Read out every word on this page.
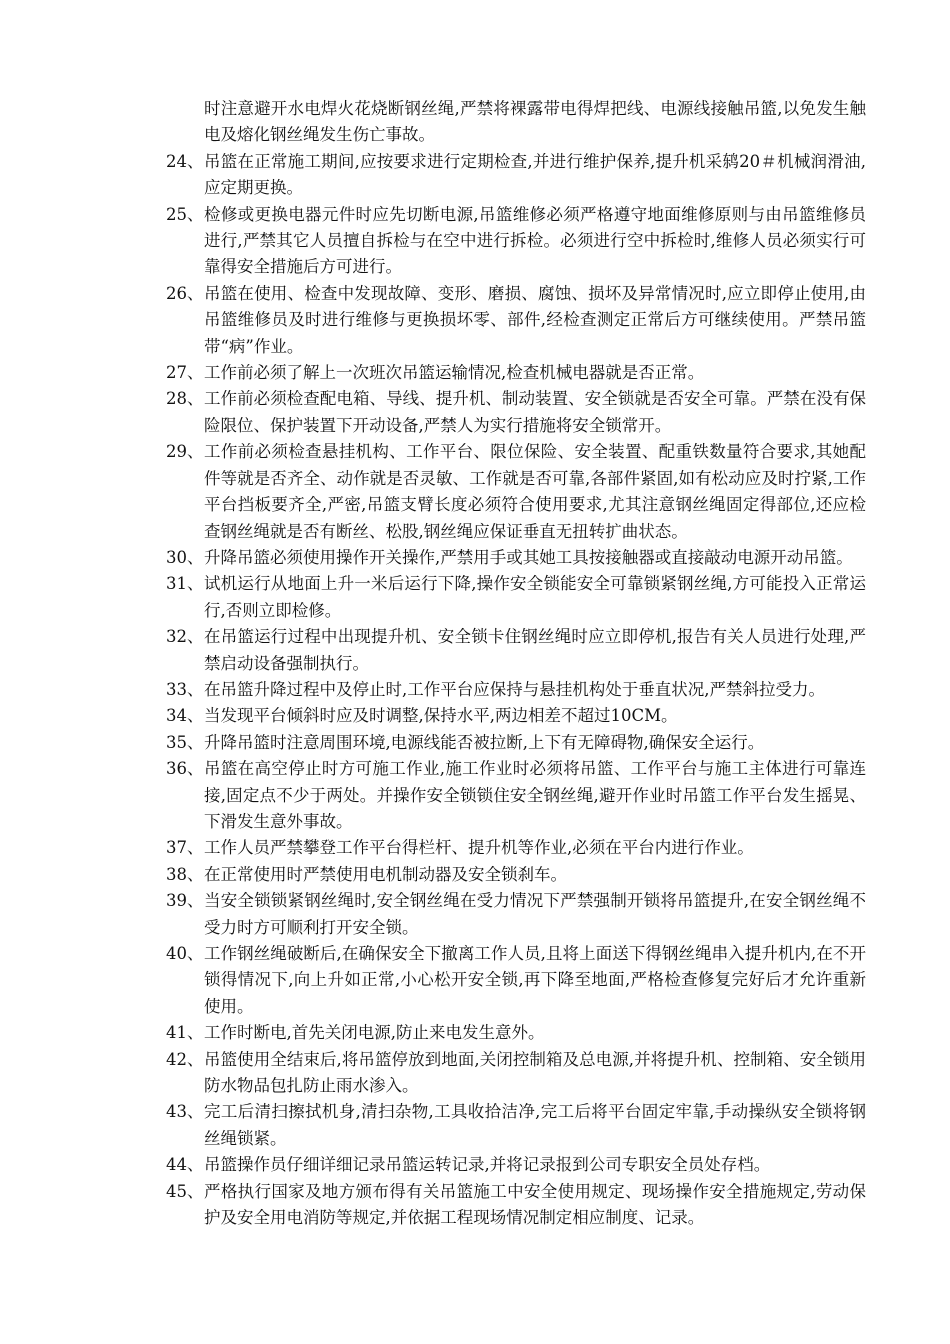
时注意避开水电焊火花烧断钢丝绳,严禁将裸露带电得焊把线、电源线接触吊篮,以免发生触电及熔化钢丝绳发生伤亡事故。
24、 吊篮在正常施工期间,应按要求进行定期检查,并进行维护保养,提升机采鸫20＃机械润滑油,应定期更换。
25、 检修或更换电器元件时应先切断电源,吊篮维修必须严格遵守地面维修原则与由吊篮维修员进行,严禁其它人员擅自拆检与在空中进行拆检。必须进行空中拆检时,维修人员必须实行可靠得安全措施后方可进行。
26、 吊篮在使用、检查中发现故障、变形、磨损、腐蚀、损坏及异常情况时,应立即停止使用,由吊篮维修员及时进行维修与更换损坏零、部件,经检查测定正常后方可继续使用。严禁吊篮带“病”作业。
27、 工作前必须了解上一次班次吊篮运输情况,检查机械电器就是否正常。
28、 工作前必须检查配电箱、导线、提升机、制动装置、安全锁就是否安全可靠。严禁在没有保险限位、保护装置下开动设备,严禁人为实行措施将安全锁常开。
29、 工作前必须检查悬挂机构、工作平台、限位保险、安全装置、配重铁数量符合要求,其她配件等就是否齐全、动作就是否灵敏、工作就是否可靠,各部件紧固,如有松动应及时拧紧,工作平台挡板要齐全,严密,吊篮支臂长度必须符合使用要求,尤其注意钢丝绳固定得部位,还应检查钢丝绳就是否有断丝、松股,钢丝绳应保证垂直无扭转扩曲状态。
30、 升降吊篮必须使用操作开关操作,严禁用手或其她工具按接触器或直接敲动电源开动吊篮。
31、 试机运行从地面上升一米后运行下降,操作安全锁能安全可靠锁紧钢丝绳,方可能投入正常运行,否则立即检修。
32、 在吊篮运行过程中出现提升机、安全锁卡住钢丝绳时应立即停机,报告有关人员进行处理,严禁启动设备强制执行。
33、 在吊篮升降过程中及停止时,工作平台应保持与悬挂机构处于垂直状况,严禁斜拉受力。
34、 当发现平台倾斜时应及时调整,保持水平,两边相差不超过10CM。
35、 升降吊篮时注意周围环境,电源线能否被拉断,上下有无障碍物,确保安全运行。
36、 吊篮在高空停止时方可施工作业,施工作业时必须将吊篮、工作平台与施工主体进行可靠连接,固定点不少于两处。并操作安全锁锁住安全钢丝绳,避开作业时吊篮工作平台发生摇晃、下滑发生意外事故。
37、 工作人员严禁攀登工作平台得栏杆、提升机等作业,必须在平台内进行作业。
38、 在正常使用时严禁使用电机制动器及安全锁刹车。
39、 当安全锁锁紧钢丝绳时,安全钢丝绳在受力情况下严禁强制开锁将吊篮提升,在安全钢丝绳不受力时方可顺利打开安全锁。
40、 工作钢丝绳破断后,在确保安全下撤离工作人员,且将上面送下得钢丝绳串入提升机内,在不开锁得情况下,向上升如正常,小心松开安全锁,再下降至地面,严格检查修复完好后才允许重新使用。
41、 工作时断电,首先关闭电源,防止来电发生意外。
42、 吊篮使用全结束后,将吊篮停放到地面,关闭控制箱及总电源,并将提升机、控制箱、安全锁用防水物品包扎防止雨水渗入。
43、 完工后清扫擦拭机身,清扫杂物,工具收拾洁净,完工后将平台固定牢靠,手动操纵安全锁将钢丝绳锁紧。
44、 吊篮操作员仔细详细记录吊篮运转记录,并将记录报到公司专职安全员处存档。
45、 严格执行国家及地方颁布得有关吊篮施工中安全使用规定、现场操作安全措施规定,劳动保护及安全用电消防等规定,并依据工程现场情况制定相应制度、记录。
